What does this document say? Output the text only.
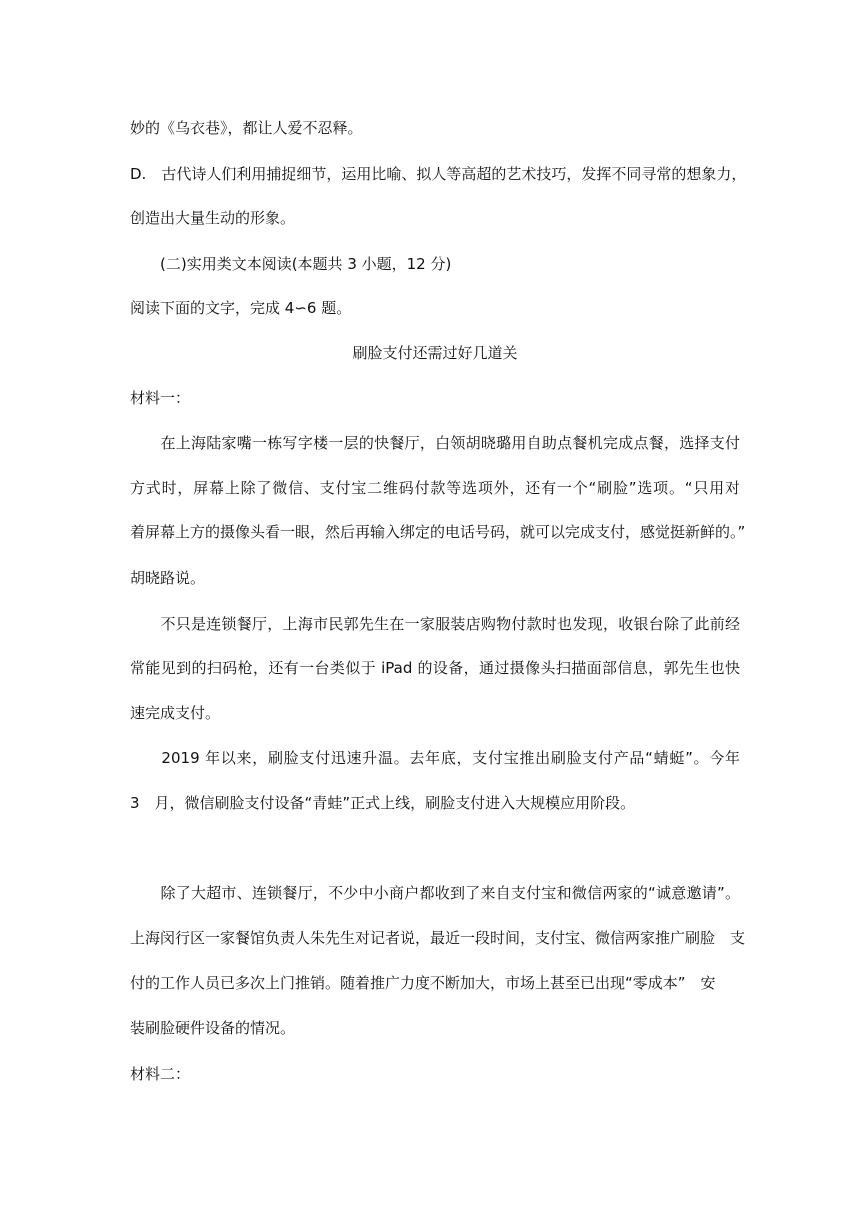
妙的《乌衣巷》，都让人爱不忍释。
D.　古代诗人们利用捕捉细节，运用比喻、拟人等高超的艺术技巧，发挥不同寻常的想象力，
创造出大量生动的形象。
　　(二)实用类文本阅读(本题共 3 小题，12 分)
阅读下面的文字，完成 4∽6 题。
刷脸支付还需过好几道关
材料一：
　　在上海陆家嘴一栋写字楼一层的快餐厅，白领胡晓璐用自助点餐机完成点餐，选择支付
方式时，屏幕上除了微信、支付宝二维码付款等选项外，还有一个“刷脸”选项。“只用对
着屏幕上方的摄像头看一眼，然后再输入绑定的电话号码，就可以完成支付，感觉挺新鲜的。”
胡晓路说。
　　不只是连锁餐厅，上海市民郭先生在一家服装店购物付款时也发现，收银台除了此前经
常能见到的扫码枪，还有一台类似于 iPad 的设备，通过摄像头扫描面部信息，郭先生也快
速完成支付。
　　2019 年以来，刷脸支付迅速升温。去年底，支付宝推出刷脸支付产品“蜻蜓”。今年
3　月，微信刷脸支付设备“青蛙”正式上线，刷脸支付进入大规模应用阶段。
　　除了大超市、连锁餐厅，不少中小商户都收到了来自支付宝和微信两家的“诚意邀请”。
上海闵行区一家餐馆负责人朱先生对记者说，最近一段时间，支付宝、微信两家推广刷脸　支
付的工作人员已多次上门推销。随着推广力度不断加大，市场上甚至已出现“零成本”　安
装刷脸硬件设备的情况。
材料二：
